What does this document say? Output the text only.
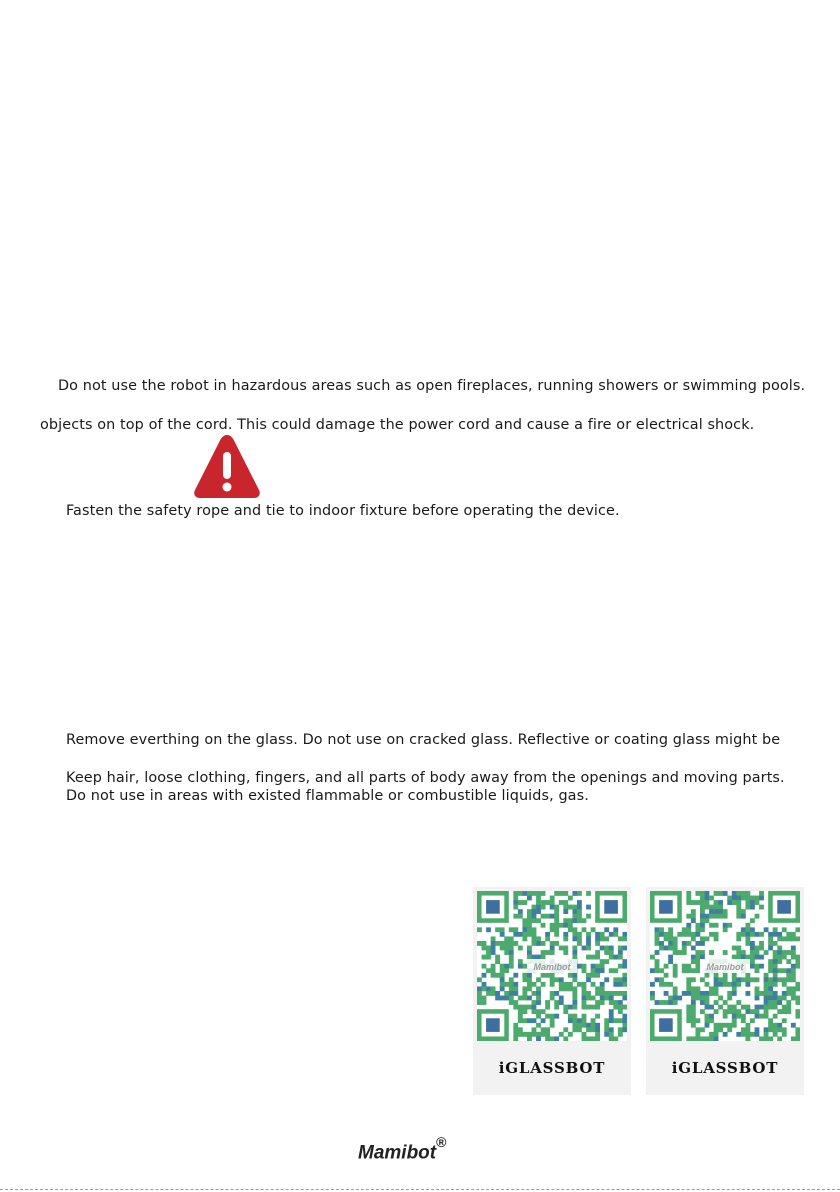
Do not use the robot in hazardous areas such as open fireplaces, running showers or swimming pools.
objects on top of the cord. This could damage the power cord and cause a fire or electrical shock.
Fasten the safety rope and tie to indoor fixture before operating the device.
Remove everthing on the glass. Do not use on cracked glass. Reflective or coating glass might be
Keep hair, loose clothing, fingers, and all parts of body away from the openings and moving parts.
Do not use in areas with existed flammable or combustible liquids, gas.
Mamibot
iGLASSBOT
Mamibot
iGLASSBOT
Mamibot®
